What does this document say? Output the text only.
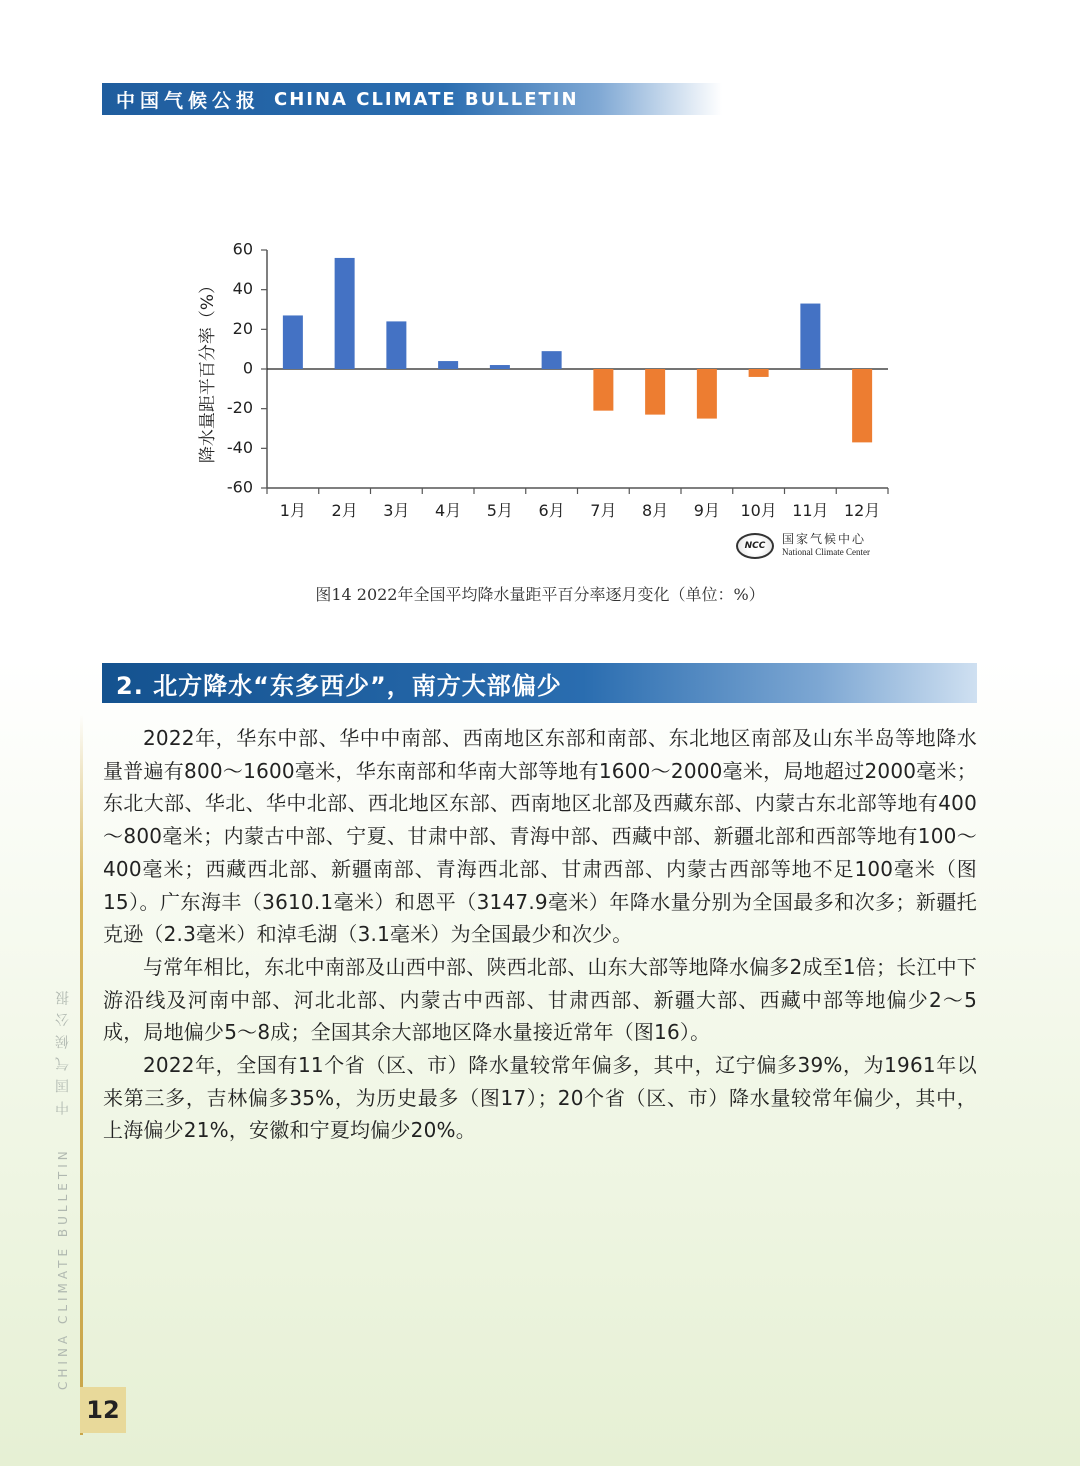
中国气候公报 CHINA CLIMATE BULLETIN
60
40
20
0
-20
-40
-60
1月 2月 3月 4月 5月 6月 7月 8月 9月 10月 11月 12月
降水量距平百分率（%）
NCC	国家气候中心
National Climate Center
图14 2022年全国平均降水量距平百分率逐月变化（单位：%）
2. 北方降水“东多西少”，南方大部偏少

2022年，华东中部、华中中南部、西南地区东部和南部、东北地区南部及山东半岛等地降水量普遍有800～1600毫米，华东南部和华南大部等地有1600～2000毫米，局地超过2000毫米；东北大部、华北、华中北部、西北地区东部、西南地区北部及西藏东部、内蒙古东北部等地有400～800毫米；内蒙古中部、宁夏、甘肃中部、青海中部、西藏中部、新疆北部和西部等地有100～400毫米；西藏西北部、新疆南部、青海西北部、甘肃西部、内蒙古西部等地不足100毫米（图15）。广东海丰（3610.1毫米）和恩平（3147.9毫米）年降水量分别为全国最多和次多；新疆托克逊（2.3毫米）和淖毛湖（3.1毫米）为全国最少和次少。

与常年相比，东北中南部及山西中部、陕西北部、山东大部等地降水偏多2成至1倍；长江中下游沿线及河南中部、河北北部、内蒙古中西部、甘肃西部、新疆大部、西藏中部等地偏少2～5成，局地偏少5～8成；全国其余大部地区降水量接近常年（图16）。

2022年，全国有11个省（区、市）降水量较常年偏多，其中，辽宁偏多39%，为1961年以来第三多，吉林偏多35%，为历史最多（图17）；20个省（区、市）降水量较常年偏少，其中，上海偏少21%，安徽和宁夏均偏少20%。

CHINA CLIMATE BULLETIN 中国气候公报
12
